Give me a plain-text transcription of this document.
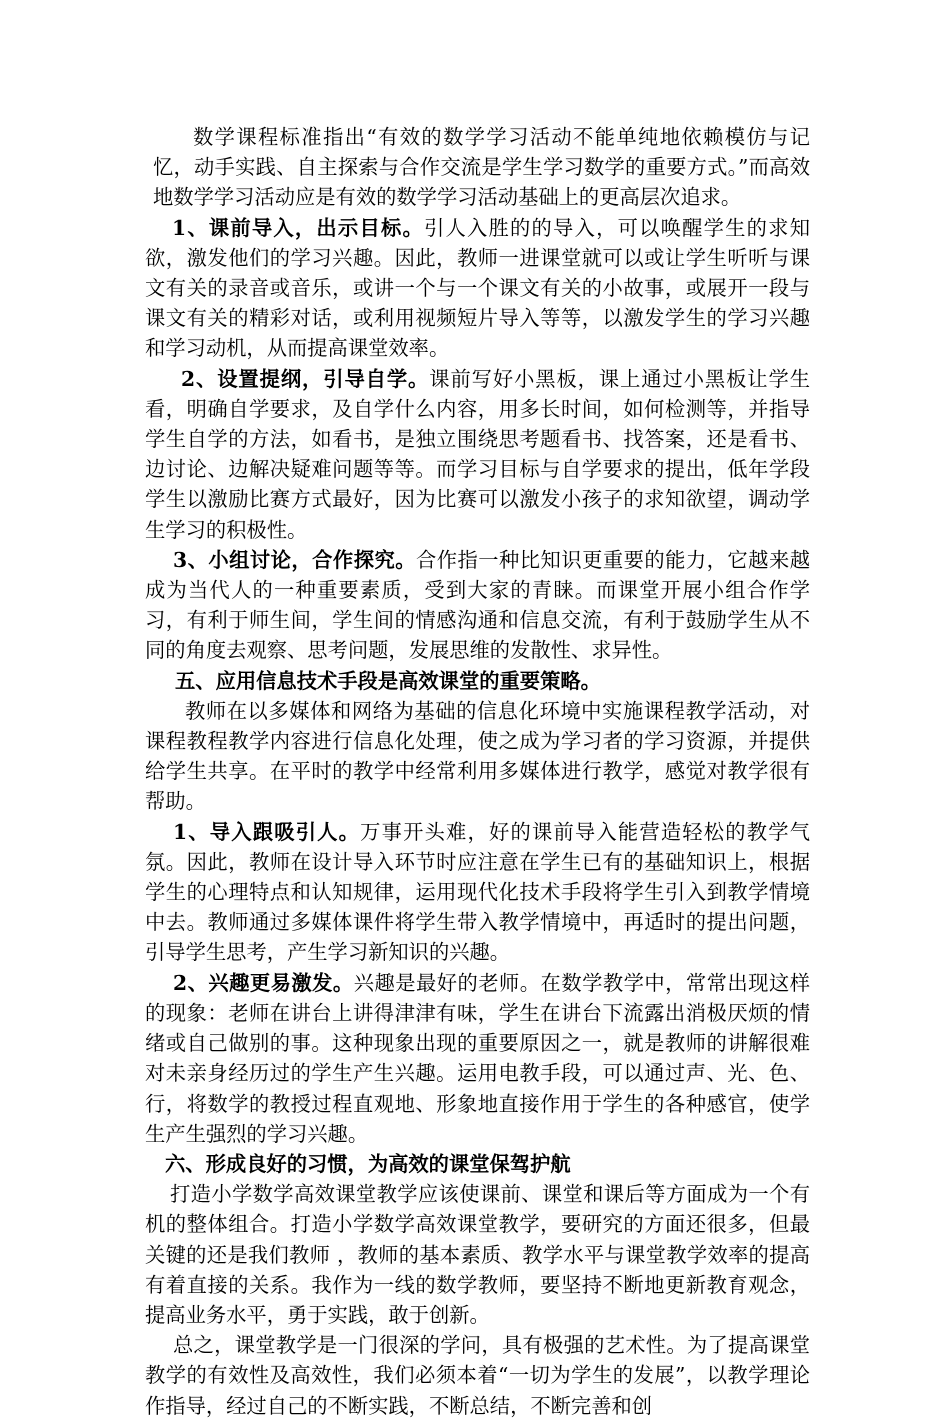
数学课程标准指出“有效的数学学习活动不能单纯地依赖模仿与记忆，动手实践、自主探索与合作交流是学生学习数学的重要方式。”而高效地数学学习活动应是有效的数学学习活动基础上的更高层次追求。

1、课前导入，出示目标。引人入胜的的导入，可以唤醒学生的求知欲，激发他们的学习兴趣。因此，教师一进课堂就可以或让学生听听与课文有关的录音或音乐，或讲一个与一个课文有关的小故事，或展开一段与课文有关的精彩对话，或利用视频短片导入等等，以激发学生的学习兴趣和学习动机，从而提高课堂效率。

2、设置提纲，引导自学。课前写好小黑板，课上通过小黑板让学生看，明确自学要求，及自学什么内容，用多长时间，如何检测等，并指导学生自学的方法，如看书，是独立围绕思考题看书、找答案，还是看书、边讨论、边解决疑难问题等等。而学习目标与自学要求的提出，低年学段学生以激励比赛方式最好，因为比赛可以激发小孩子的求知欲望，调动学生学习的积极性。

3、小组讨论，合作探究。合作指一种比知识更重要的能力，它越来越成为当代人的一种重要素质，受到大家的青睐。而课堂开展小组合作学习，有利于师生间，学生间的情感沟通和信息交流，有利于鼓励学生从不同的角度去观察、思考问题，发展思维的发散性、求异性。

五、应用信息技术手段是高效课堂的重要策略。

教师在以多媒体和网络为基础的信息化环境中实施课程教学活动，对课程教程教学内容进行信息化处理，使之成为学习者的学习资源，并提供给学生共享。在平时的教学中经常利用多媒体进行教学，感觉对教学很有帮助。

1、导入跟吸引人。万事开头难，好的课前导入能营造轻松的教学气氛。因此，教师在设计导入环节时应注意在学生已有的基础知识上，根据学生的心理特点和认知规律，运用现代化技术手段将学生引入到教学情境中去。教师通过多媒体课件将学生带入教学情境中，再适时的提出问题，引导学生思考，产生学习新知识的兴趣。

2、兴趣更易激发。兴趣是最好的老师。在数学教学中，常常出现这样的现象：老师在讲台上讲得津津有味，学生在讲台下流露出消极厌烦的情绪或自己做别的事。这种现象出现的重要原因之一，就是教师的讲解很难对未亲身经历过的学生产生兴趣。运用电教手段，可以通过声、光、色、行，将数学的教授过程直观地、形象地直接作用于学生的各种感官，使学生产生强烈的学习兴趣。

六、形成良好的习惯，为高效的课堂保驾护航

打造小学数学高效课堂教学应该使课前、课堂和课后等方面成为一个有机的整体组合。打造小学数学高效课堂教学，要研究的方面还很多，但最关键的还是我们教师 ，教师的基本素质、教学水平与课堂教学效率的提高有着直接的关系。我作为一线的数学教师，要坚持不断地更新教育观念，提高业务水平，勇于实践，敢于创新。

总之，课堂教学是一门很深的学问，具有极强的艺术性。为了提高课堂教学的有效性及高效性，我们必须本着“一切为学生的发展”，以教学理论作指导，经过自己的不断实践，不断总结，不断完善和创
